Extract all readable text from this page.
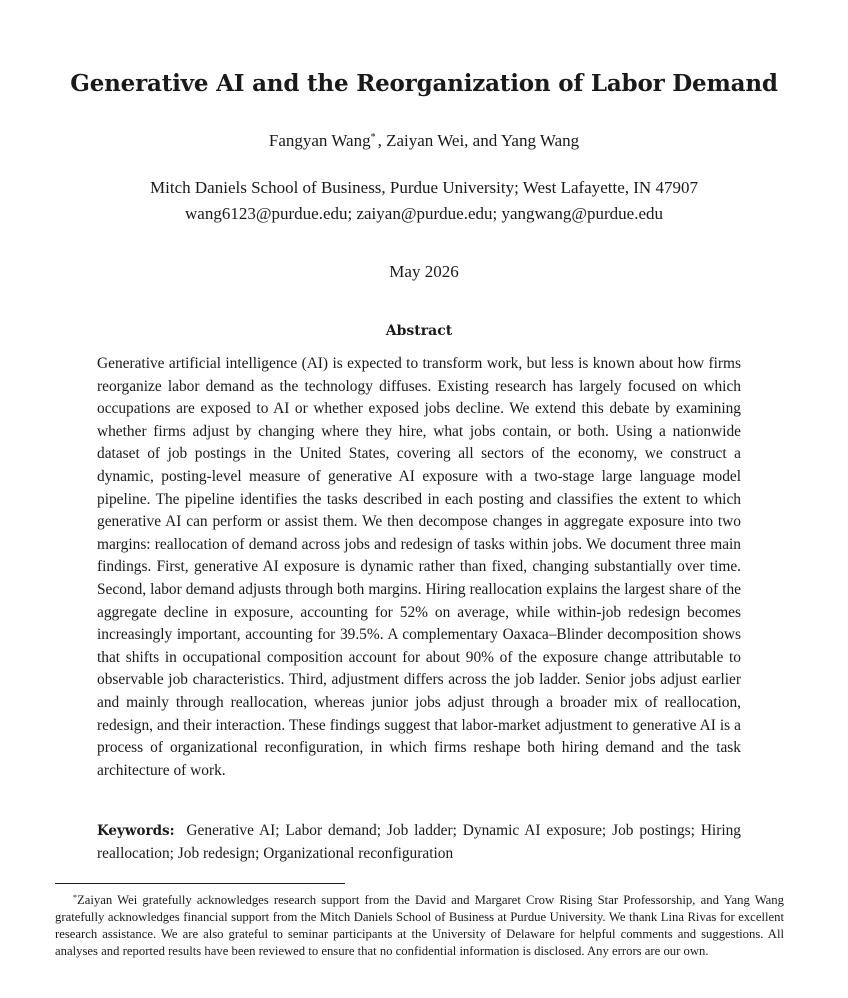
Generative AI and the Reorganization of Labor Demand
Fangyan Wang* , Zaiyan Wei, and Yang Wang
Mitch Daniels School of Business, Purdue University; West Lafayette, IN 47907
wang6123@purdue.edu; zaiyan@purdue.edu; yangwang@purdue.edu
May 2026
Abstract

Generative artificial intelligence (AI) is expected to transform work, but less is known about how firms reorganize labor demand as the technology diffuses. Existing research has largely focused on which occupations are exposed to AI or whether exposed jobs decline. We extend this debate by examining whether firms adjust by changing where they hire, what jobs contain, or both. Using a nationwide dataset of job postings in the United States, covering all sectors of the economy, we construct a dynamic, posting-level measure of generative AI exposure with a two-stage large language model pipeline. The pipeline identifies the tasks described in each posting and classifies the extent to which generative AI can perform or assist them. We then decompose changes in aggregate exposure into two margins: reallocation of demand across jobs and redesign of tasks within jobs. We document three main findings. First, generative AI exposure is dynamic rather than fixed, changing substantially over time. Second, labor demand adjusts through both margins. Hiring reallocation explains the largest share of the aggregate decline in exposure, accounting for 52% on average, while within-job redesign becomes increasingly important, accounting for 39.5%. A complementary Oaxaca–Blinder decomposition shows that shifts in occupational composition account for about 90% of the exposure change attributable to observable job characteristics. Third, adjustment differs across the job ladder. Senior jobs adjust earlier and mainly through reallocation, whereas junior jobs adjust through a broader mix of reallocation, redesign, and their interaction. These findings suggest that labor-market adjustment to generative AI is a process of organizational reconfiguration, in which firms reshape both hiring demand and the task architecture of work.

Keywords: Generative AI; Labor demand; Job ladder; Dynamic AI exposure; Job postings; Hiring reallocation; Job redesign; Organizational reconfiguration

*Zaiyan Wei gratefully acknowledges research support from the David and Margaret Crow Rising Star Professorship, and Yang Wang gratefully acknowledges financial support from the Mitch Daniels School of Business at Purdue University. We thank Lina Rivas for excellent research assistance. We are also grateful to seminar participants at the University of Delaware for helpful comments and suggestions. All analyses and reported results have been reviewed to ensure that no confidential information is disclosed. Any errors are our own.
